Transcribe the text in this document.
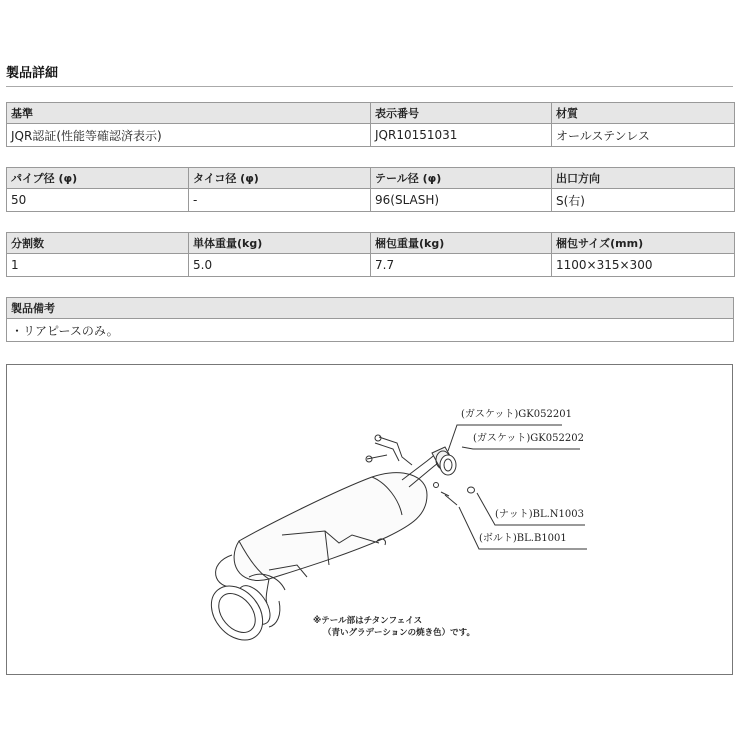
製品詳細
基準	表示番号	材質
JQR認証(性能等確認済表示)	JQR10151031	オールステンレス
パイプ径 (φ)	タイコ径 (φ)	テール径 (φ)	出口方向
50	-	96(SLASH)	S(右)
分割数	単体重量(kg)	梱包重量(kg)	梱包サイズ(mm)
1	5.0	7.7	1100×315×300
製品備考
・リアピースのみ。
(ガスケット)GK052201
(ガスケット)GK052202
(ナット)BL.N1003
(ボルト)BL.B1001
※テール部はチタンフェイス
（青いグラデーションの焼き色）です。
